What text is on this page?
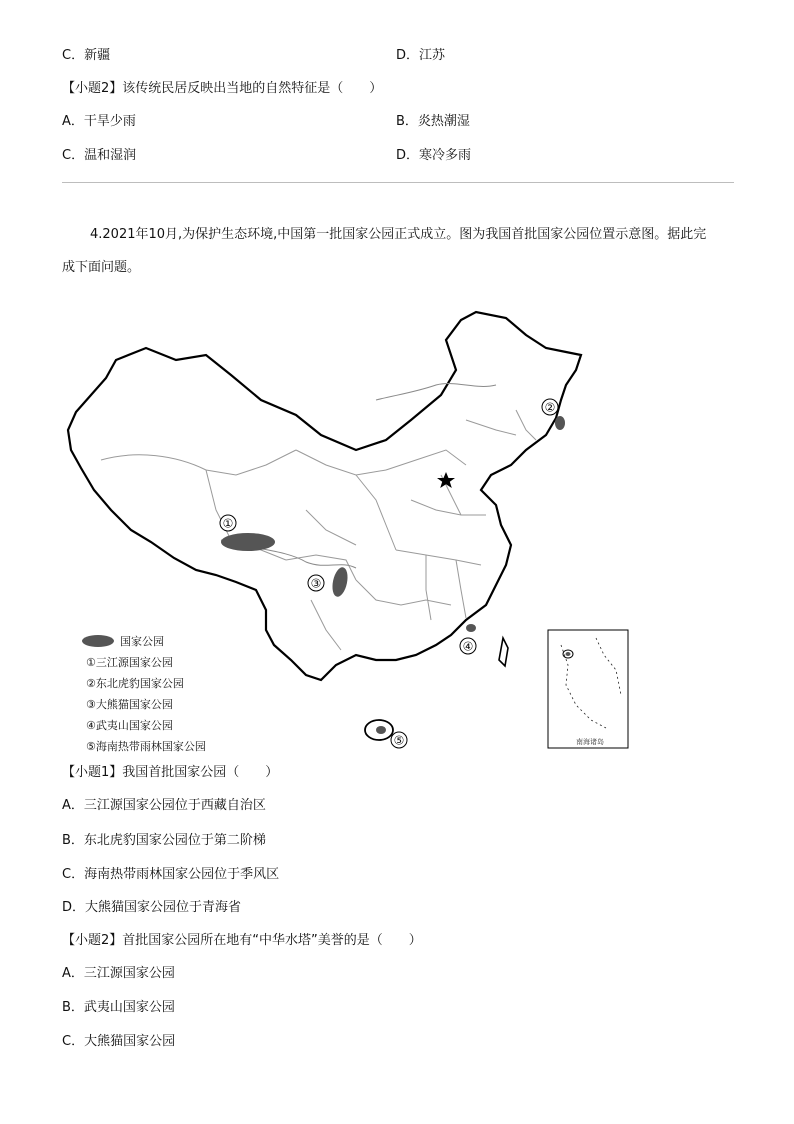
C．新疆	D．江苏
【小题2】该传统民居反映出当地的自然特征是（　　）
A．干旱少雨	B．炎热潮湿
C．温和湿润	D．寒冷多雨
4.2021年10月,为保护生态环境,中国第一批国家公园正式成立。图为我国首批国家公园位置示意图。据此完
成下面问题。
①
②
③
④
⑤
国家公园
①三江源国家公园
②东北虎豹国家公园
③大熊猫国家公园
④武夷山国家公园
⑤海南热带雨林国家公园	南海诸岛
【小题1】我国首批国家公园（　　）
A．三江源国家公园位于西藏自治区
B．东北虎豹国家公园位于第二阶梯
C．海南热带雨林国家公园位于季风区
D．大熊猫国家公园位于青海省
【小题2】首批国家公园所在地有“中华水塔”美誉的是（　　）
A．三江源国家公园
B．武夷山国家公园
C．大熊猫国家公园
